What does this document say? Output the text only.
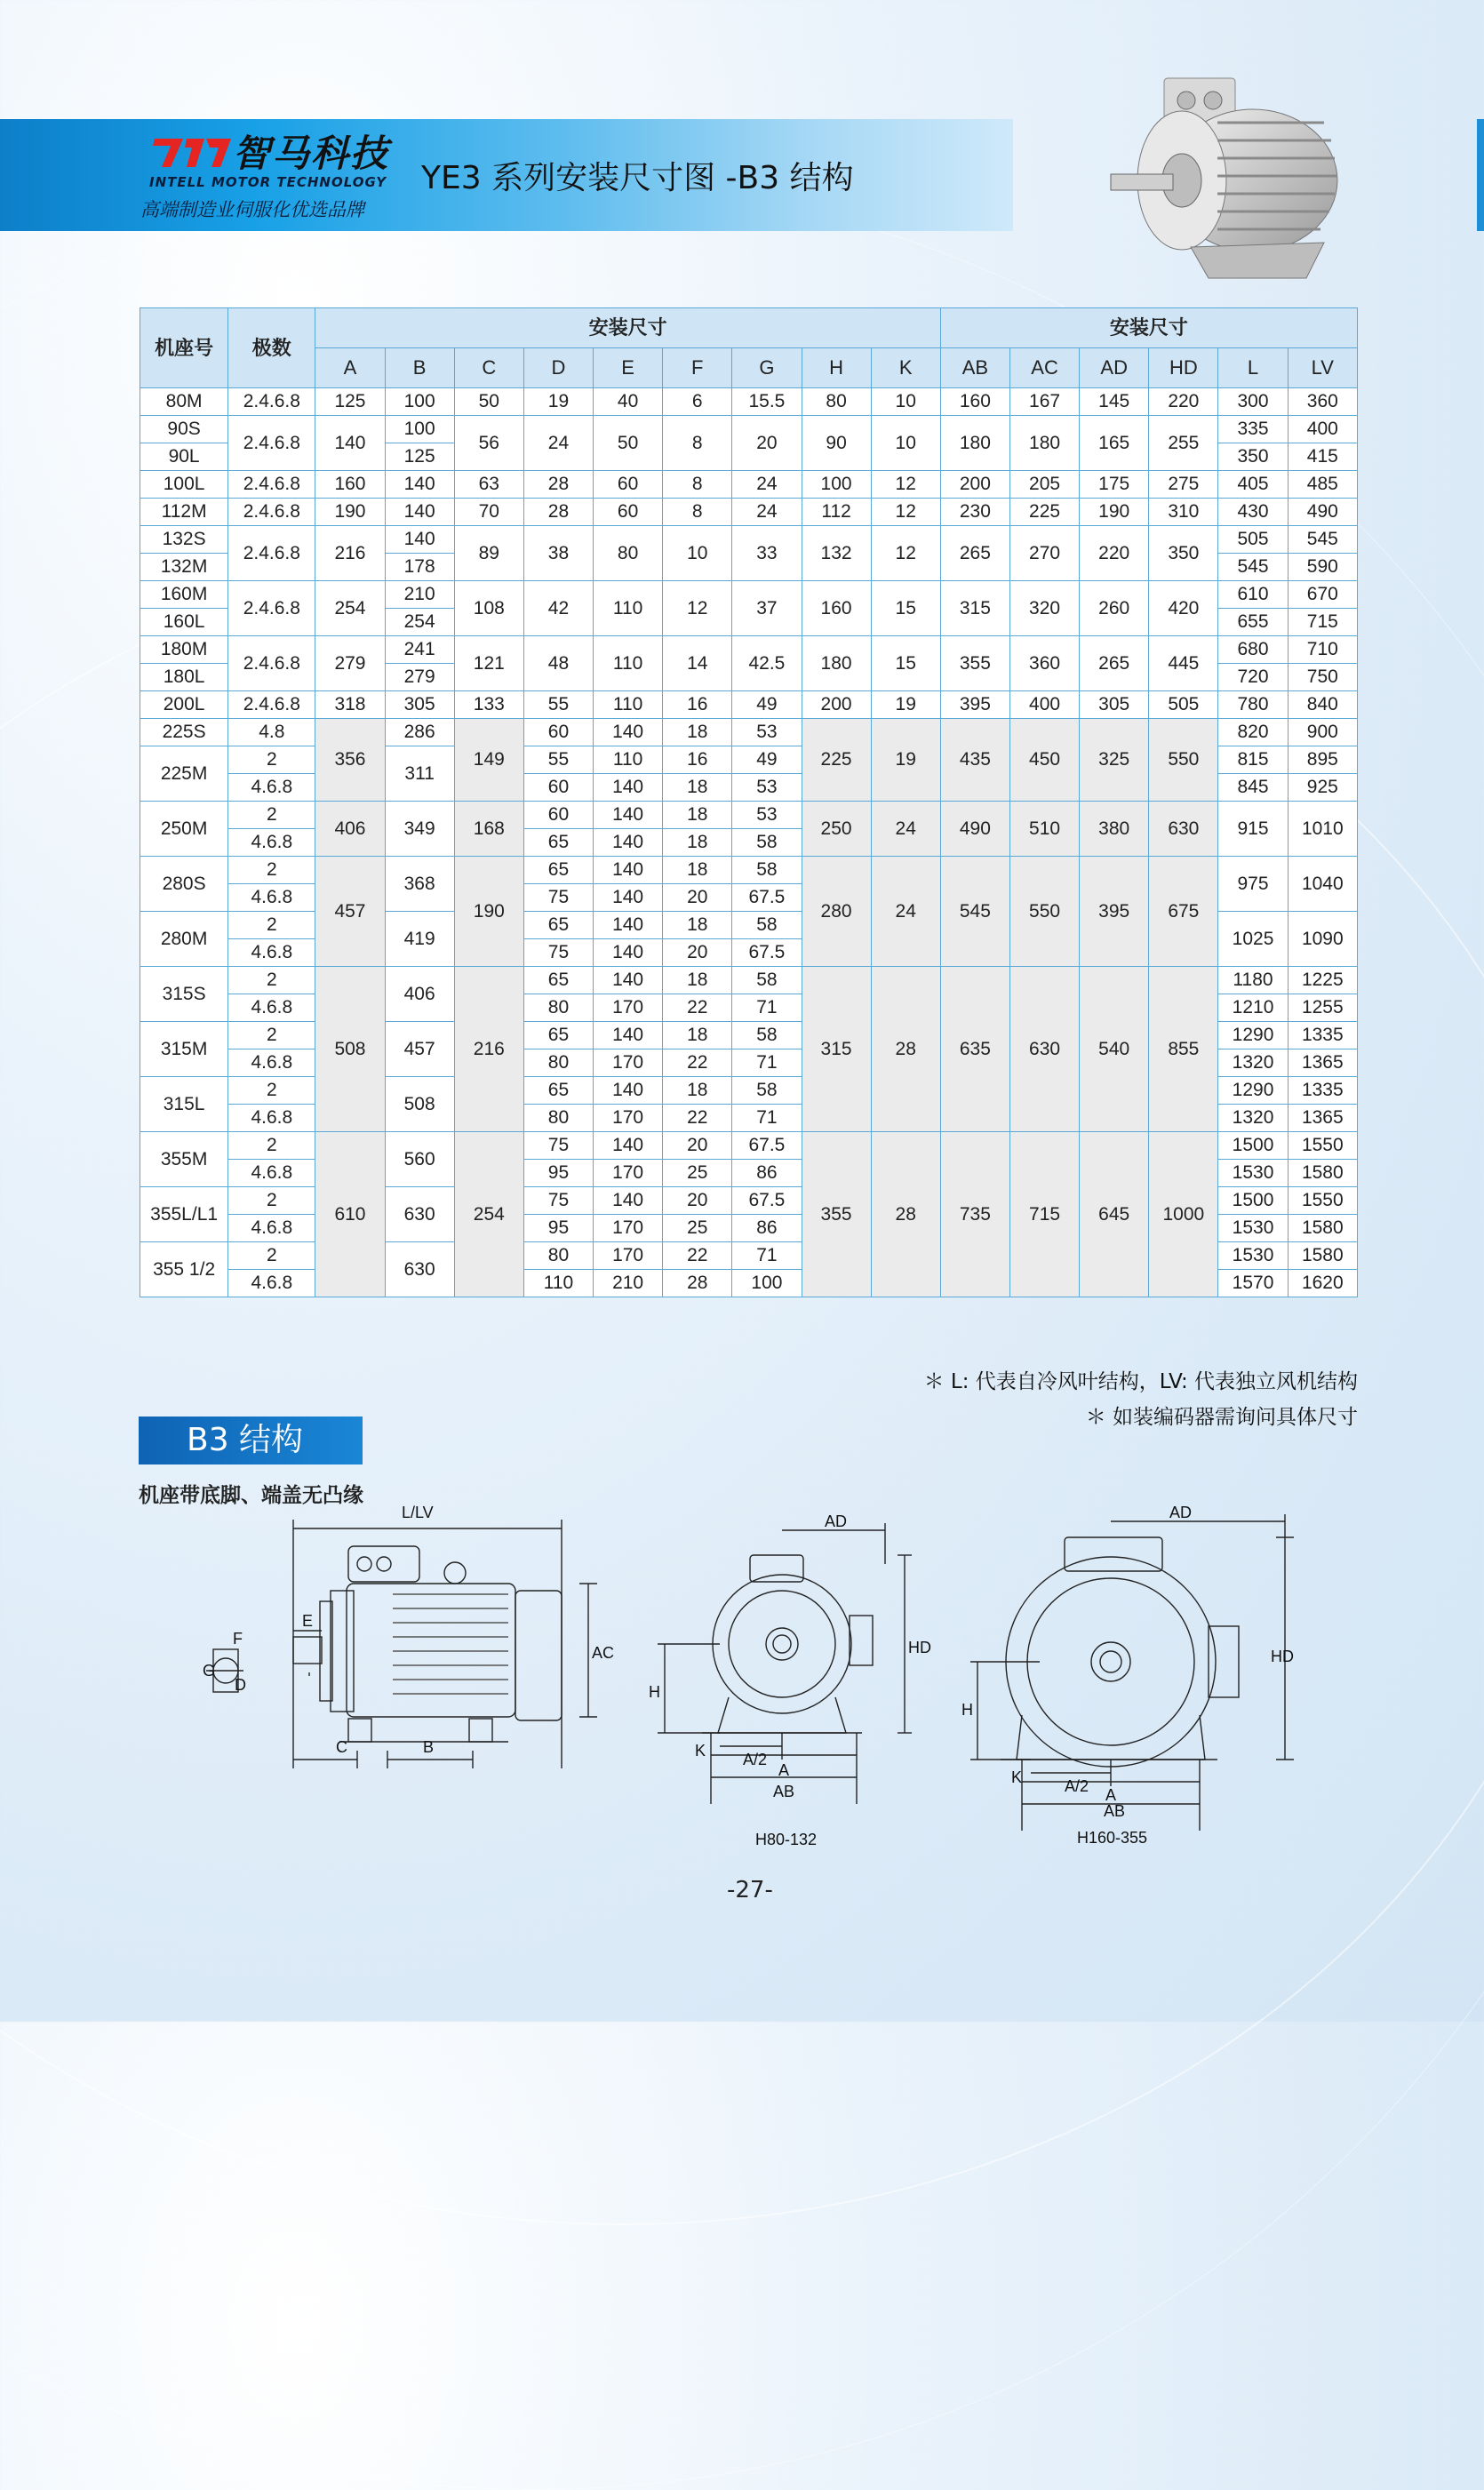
智马科技
INTELL MOTOR TECHNOLOGY
高端制造业伺服化优选品牌
YE3 系列安装尺寸图 -B3 结构
机座号	极数	安装尺寸									安装尺寸					
		A	B	C	D	E	F	G	H	K	AB	AC	AD	HD	L	LV
80M	2.4.6.8	125	100	50	19	40	6	15.5	80	10	160	167	145	220	300	360
90S	2.4.6.8	140	100	56	24	50	8	20	90	10	180	180	165	255	335	400
90L			125												350	415
100L	2.4.6.8	160	140	63	28	60	8	24	100	12	200	205	175	275	405	485
112M	2.4.6.8	190	140	70	28	60	8	24	112	12	230	225	190	310	430	490
132S	2.4.6.8	216	140	89	38	80	10	33	132	12	265	270	220	350	505	545
132M			178												545	590
160M	2.4.6.8	254	210	108	42	110	12	37	160	15	315	320	260	420	610	670
160L			254												655	715
180M	2.4.6.8	279	241	121	48	110	14	42.5	180	15	355	360	265	445	680	710
180L			279												720	750
200L	2.4.6.8	318	305	133	55	110	16	49	200	19	395	400	305	505	780	840
225S	4.8	356	286	149	60	140	18	53	225	19	435	450	325	550	820	900
225M	2		311		55	110	16	49							815	895
	4.6.8				60	140	18	53							845	925
250M	2	406	349	168	60	140	18	53	250	24	490	510	380	630	915	1010
	4.6.8				65	140	18	58								
280S	2	457	368	190	65	140	18	58	280	24	545	550	395	675	975	1040
	4.6.8				75	140	20	67.5								
280M	2		419		65	140	18	58							1025	1090
	4.6.8				75	140	20	67.5								
315S	2	508	406	216	65	140	18	58	315	28	635	630	540	855	1180	1225
	4.6.8				80	170	22	71							1210	1255
315M	2		457		65	140	18	58							1290	1335
	4.6.8				80	170	22	71							1320	1365
315L	2		508		65	140	18	58							1290	1335
	4.6.8				80	170	22	71							1320	1365
355M	2	610	560	254	75	140	20	67.5	355	28	735	715	645	1000	1500	1550
	4.6.8				95	170	25	86							1530	1580
355L/L1	2		630		75	140	20	67.5							1500	1550
	4.6.8				95	170	25	86							1530	1580
355 1/2	2		630		80	170	22	71							1530	1580
	4.6.8				110	210	28	100							1570	1620
＊ L: 代表自冷风叶结构，LV: 代表独立风机结构
＊ 如装编码器需询问具体尺寸
B3 结构
机座带底脚、端盖无凸缘
L/LV
E
F
G
D
C	B
AC
AD
HD
H
K A/2
A
AB
H80-132
AD
HD
H
K	A/2 A
AB
H160-355
-27-
